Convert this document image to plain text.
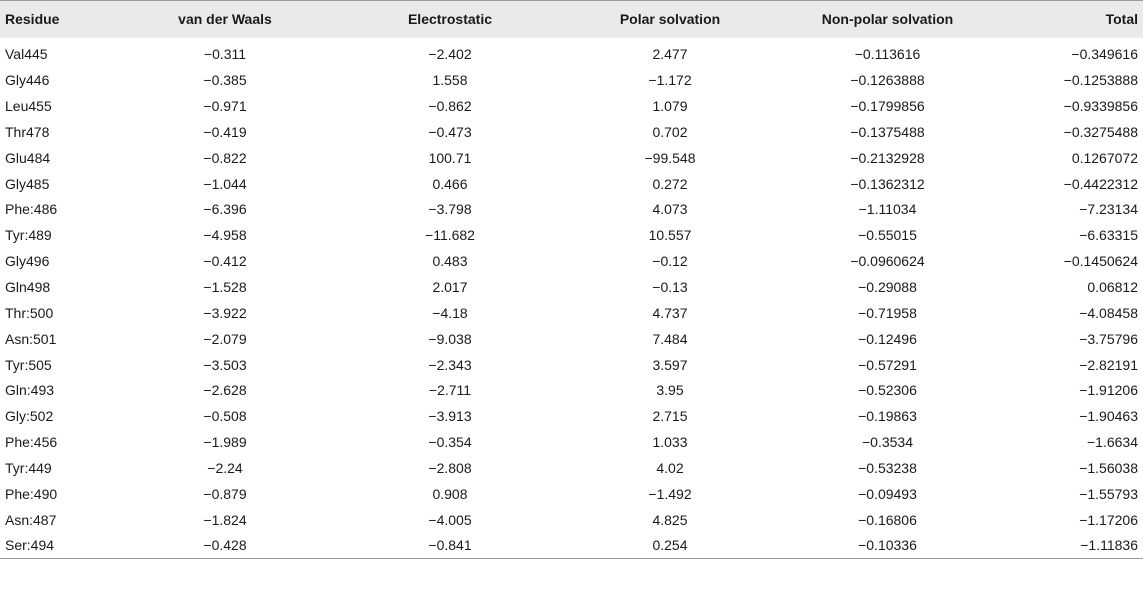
Residue	van der Waals	Electrostatic	Polar solvation	Non-polar solvation	Total
Val445	−0.311	−2.402	2.477	−0.113616	−0.349616
Gly446	−0.385	1.558	−1.172	−0.1263888	−0.1253888
Leu455	−0.971	−0.862	1.079	−0.1799856	−0.9339856
Thr478	−0.419	−0.473	0.702	−0.1375488	−0.3275488
Glu484	−0.822	100.71	−99.548	−0.2132928	0.1267072
Gly485	−1.044	0.466	0.272	−0.1362312	−0.4422312
Phe:486	−6.396	−3.798	4.073	−1.11034	−7.23134
Tyr:489	−4.958	−11.682	10.557	−0.55015	−6.63315
Gly496	−0.412	0.483	−0.12	−0.0960624	−0.1450624
Gln498	−1.528	2.017	−0.13	−0.29088	0.06812
Thr:500	−3.922	−4.18	4.737	−0.71958	−4.08458
Asn:501	−2.079	−9.038	7.484	−0.12496	−3.75796
Tyr:505	−3.503	−2.343	3.597	−0.57291	−2.82191
Gln:493	−2.628	−2.711	3.95	−0.52306	−1.91206
Gly:502	−0.508	−3.913	2.715	−0.19863	−1.90463
Phe:456	−1.989	−0.354	1.033	−0.3534	−1.6634
Tyr:449	−2.24	−2.808	4.02	−0.53238	−1.56038
Phe:490	−0.879	0.908	−1.492	−0.09493	−1.55793
Asn:487	−1.824	−4.005	4.825	−0.16806	−1.17206
Ser:494	−0.428	−0.841	0.254	−0.10336	−1.11836
